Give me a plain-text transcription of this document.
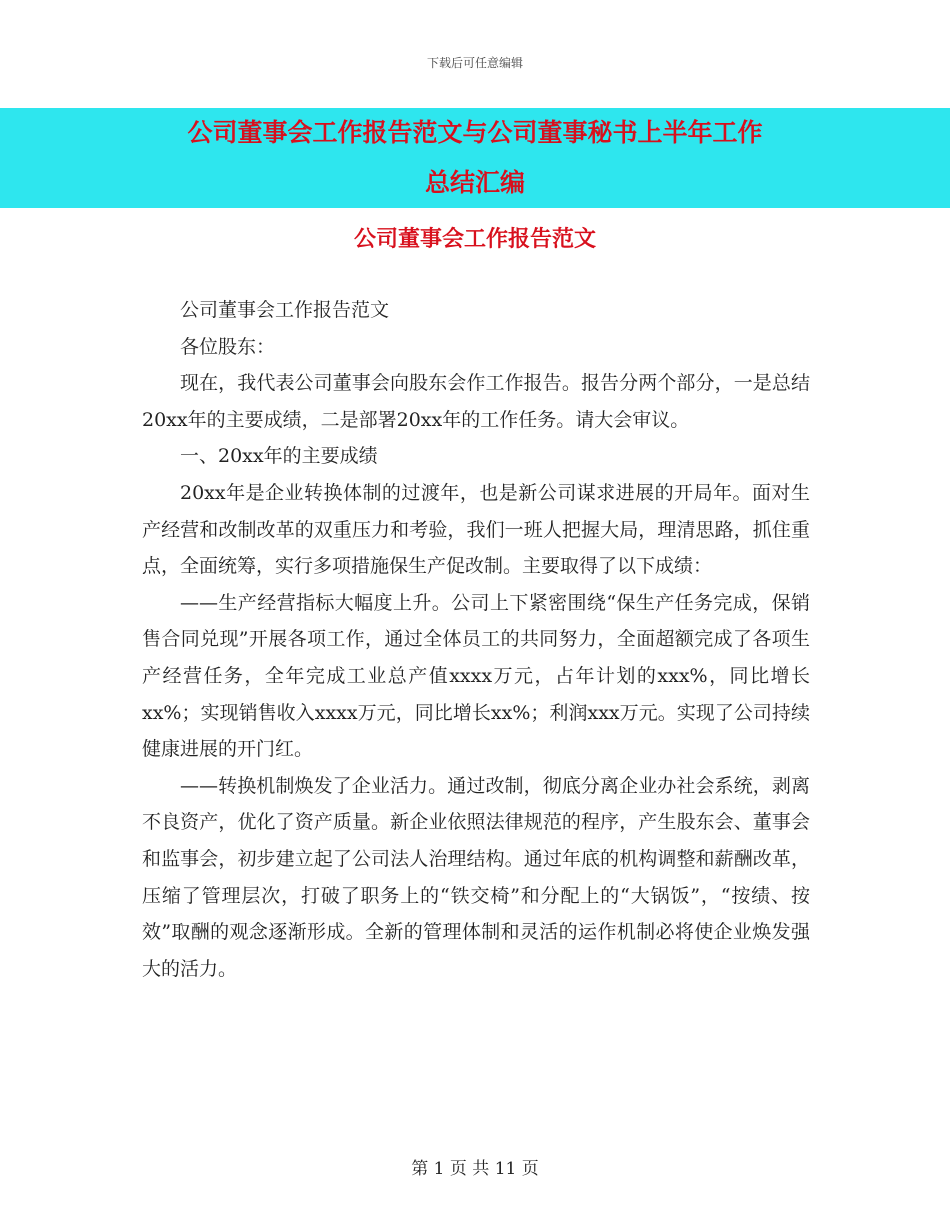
下载后可任意编辑
公司董事会工作报告范文与公司董事秘书上半年工作
总结汇编
公司董事会工作报告范文

公司董事会工作报告范文

各位股东：

现在，我代表公司董事会向股东会作工作报告。报告分两个部分，一是总结20xx年的主要成绩，二是部署20xx年的工作任务。请大会审议。

一、20xx年的主要成绩

20xx年是企业转换体制的过渡年，也是新公司谋求进展的开局年。面对生产经营和改制改革的双重压力和考验，我们一班人把握大局，理清思路，抓住重点，全面统筹，实行多项措施保生产促改制。主要取得了以下成绩：

——生产经营指标大幅度上升。公司上下紧密围绕“保生产任务完成，保销售合同兑现”开展各项工作，通过全体员工的共同努力，全面超额完成了各项生产经营任务，全年完成工业总产值xxxx万元，占年计划的xxx%，同比增长xx%；实现销售收入xxxx万元，同比增长xx%；利润xxx万元。实现了公司持续健康进展的开门红。

——转换机制焕发了企业活力。通过改制，彻底分离企业办社会系统，剥离不良资产，优化了资产质量。新企业依照法律规范的程序，产生股东会、董事会和监事会，初步建立起了公司法人治理结构。通过年底的机构调整和薪酬改革，压缩了管理层次，打破了职务上的“铁交椅”和分配上的“大锅饭”，“按绩、按效”取酬的观念逐渐形成。全新的管理体制和灵活的运作机制必将使企业焕发强大的活力。

第 1 页 共 11 页
